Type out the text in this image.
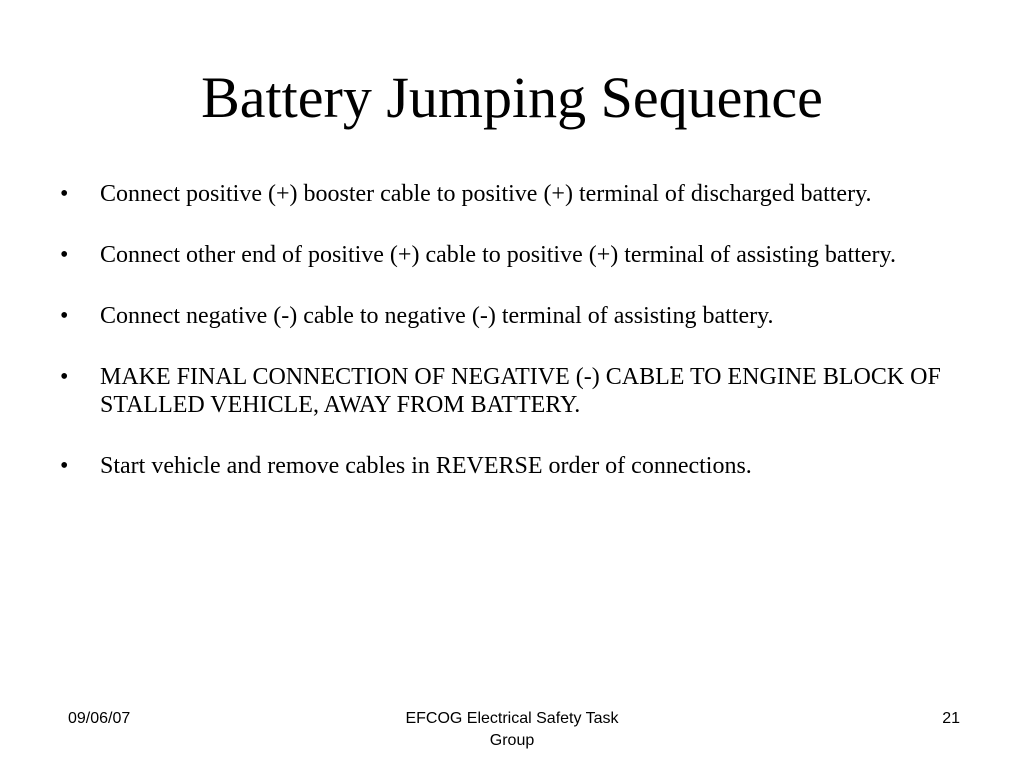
Battery Jumping Sequence
•	Connect positive (+) booster cable to positive (+) terminal of discharged battery.
•	Connect other end of positive (+) cable to positive (+) terminal of assisting battery.
•	Connect negative (-) cable to negative (-) terminal of assisting battery.
•	MAKE FINAL CONNECTION OF NEGATIVE (-) CABLE TO ENGINE BLOCK OF STALLED VEHICLE, AWAY FROM BATTERY.
•	Start vehicle and remove cables in REVERSE order of connections.
09/06/07	EFCOG Electrical Safety Task
Group
21
